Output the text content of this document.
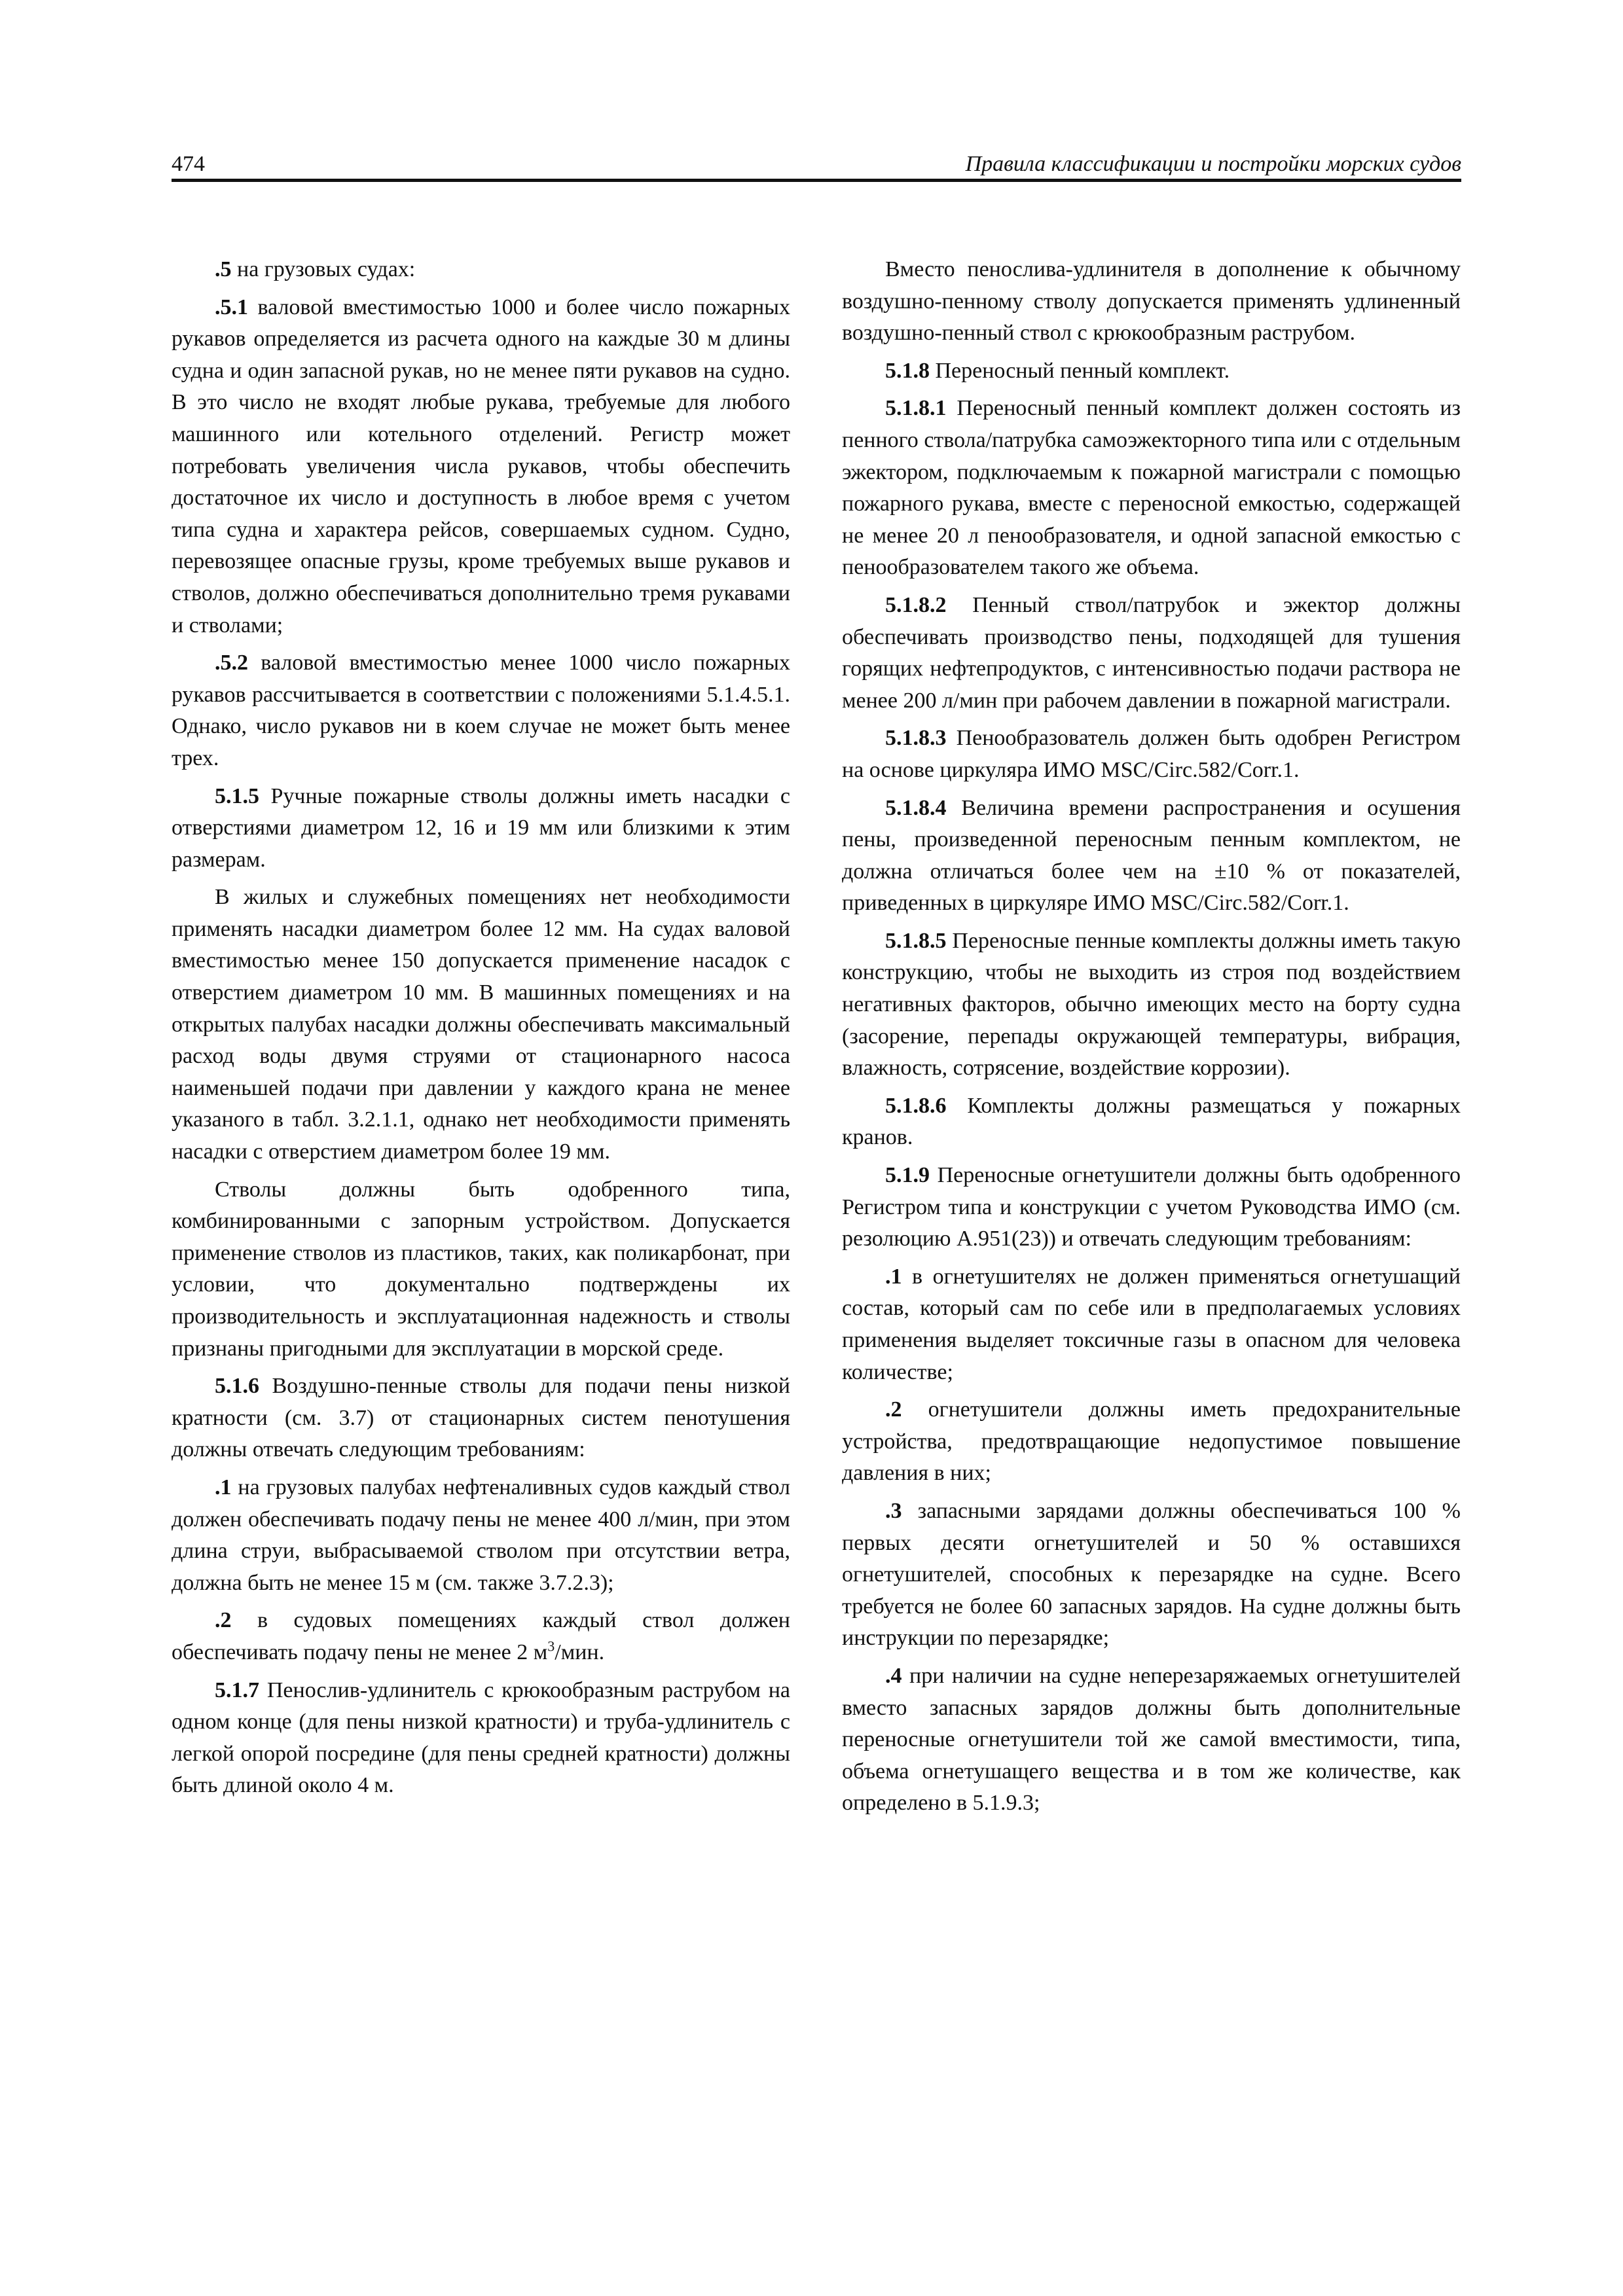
474	Правила классификации и постройки морских судов

.5 на грузовых судах:

.5.1 валовой вместимостью 1000 и более число пожарных рукавов определяется из расчета одного на каждые 30 м длины судна и один запасной рукав, но не менее пяти рукавов на судно. В это число не входят любые рукава, требуемые для любого машинного или котельного отделений. Регистр может потребовать увеличения числа рукавов, чтобы обеспечить достаточное их число и доступность в любое время с учетом типа судна и характера рейсов, совершаемых судном. Судно, перевозящее опасные грузы, кроме требуемых выше рукавов и стволов, должно обеспечиваться дополнительно тремя рукавами и стволами;

.5.2 валовой вместимостью менее 1000 число пожарных рукавов рассчитывается в соответствии с положениями 5.1.4.5.1. Однако, число рукавов ни в коем случае не может быть менее трех.

5.1.5 Ручные пожарные стволы должны иметь насадки с отверстиями диаметром 12, 16 и 19 мм или близкими к этим размерам.

В жилых и служебных помещениях нет необходимости применять насадки диаметром более 12 мм. На судах валовой вместимостью менее 150 допускается применение насадок с отверстием диаметром 10 мм. В машинных помещениях и на открытых палубах насадки должны обеспечивать максимальный расход воды двумя струями от стационарного насоса наименьшей подачи при давлении у каждого крана не менее указаного в табл. 3.2.1.1, однако нет необходимости применять насадки с отверстием диаметром более 19 мм.

Стволы должны быть одобренного типа, комбинированными с запорным устройством. Допускается применение стволов из пластиков, таких, как поликарбонат, при условии, что документально подтверждены их производительность и эксплуатационная надежность и стволы признаны пригодными для эксплуатации в морской среде.

5.1.6 Воздушно-пенные стволы для подачи пены низкой кратности (см. 3.7) от стационарных систем пенотушения должны отвечать следующим требованиям:

.1 на грузовых палубах нефтеналивных судов каждый ствол должен обеспечивать подачу пены не менее 400 л/мин, при этом длина струи, выбрасываемой стволом при отсутствии ветра, должна быть не менее 15 м (см. также 3.7.2.3);

.2 в судовых помещениях каждый ствол должен обеспечивать подачу пены не менее 2 $м^3$/мин.

5.1.7 Пенослив-удлинитель с крюкообразным раструбом на одном конце (для пены низкой кратности) и труба-удлинитель с легкой опорой посредине (для пены средней кратности) должны быть длиной около 4 м.

Вместо пенослива-удлинителя в дополнение к обычному воздушно-пенному стволу допускается применять удлиненный воздушно-пенный ствол с крюкообразным раструбом.

5.1.8 Переносный пенный комплект.

5.1.8.1 Переносный пенный комплект должен состоять из пенного ствола/патрубка самоэжекторного типа или с отдельным эжектором, подключаемым к пожарной магистрали с помощью пожарного рукава, вместе с переносной емкостью, содержащей не менее 20 л пенообразователя, и одной запасной емкостью с пенообразователем такого же объема.

5.1.8.2 Пенный ствол/патрубок и эжектор должны обеспечивать производство пены, подходящей для тушения горящих нефтепродуктов, с интенсивностью подачи раствора не менее 200 л/мин при рабочем давлении в пожарной магистрали.

5.1.8.3 Пенообразователь должен быть одобрен Регистром на основе циркуляра ИМО MSC/Circ.582/Corr.1.

5.1.8.4 Величина времени распространения и осушения пены, произведенной переносным пенным комплектом, не должна отличаться более чем на ±10 % от показателей, приведенных в циркуляре ИМО MSC/Circ.582/Corr.1.

5.1.8.5 Переносные пенные комплекты должны иметь такую конструкцию, чтобы не выходить из строя под воздействием негативных факторов, обычно имеющих место на борту судна (засорение, перепады окружающей температуры, вибрация, влажность, сотрясение, воздействие коррозии).

5.1.8.6 Комплекты должны размещаться у пожарных кранов.

5.1.9 Переносные огнетушители должны быть одобренного Регистром типа и конструкции с учетом Руководства ИМО (см. резолюцию A.951(23)) и отвечать следующим требованиям:

.1 в огнетушителях не должен применяться огнетушащий состав, который сам по себе или в предполагаемых условиях применения выделяет токсичные газы в опасном для человека количестве;

.2 огнетушители должны иметь предохранительные устройства, предотвращающие недопустимое повышение давления в них;

.3 запасными зарядами должны обеспечиваться 100 % первых десяти огнетушителей и 50 % оставшихся огнетушителей, способных к перезарядке на судне. Всего требуется не более 60 запасных зарядов. На судне должны быть инструкции по перезарядке;

.4 при наличии на судне неперезаряжаемых огнетушителей вместо запасных зарядов должны быть дополнительные переносные огнетушители той же самой вместимости, типа, объема огнетушащего вещества и в том же количестве, как определено в 5.1.9.3;
